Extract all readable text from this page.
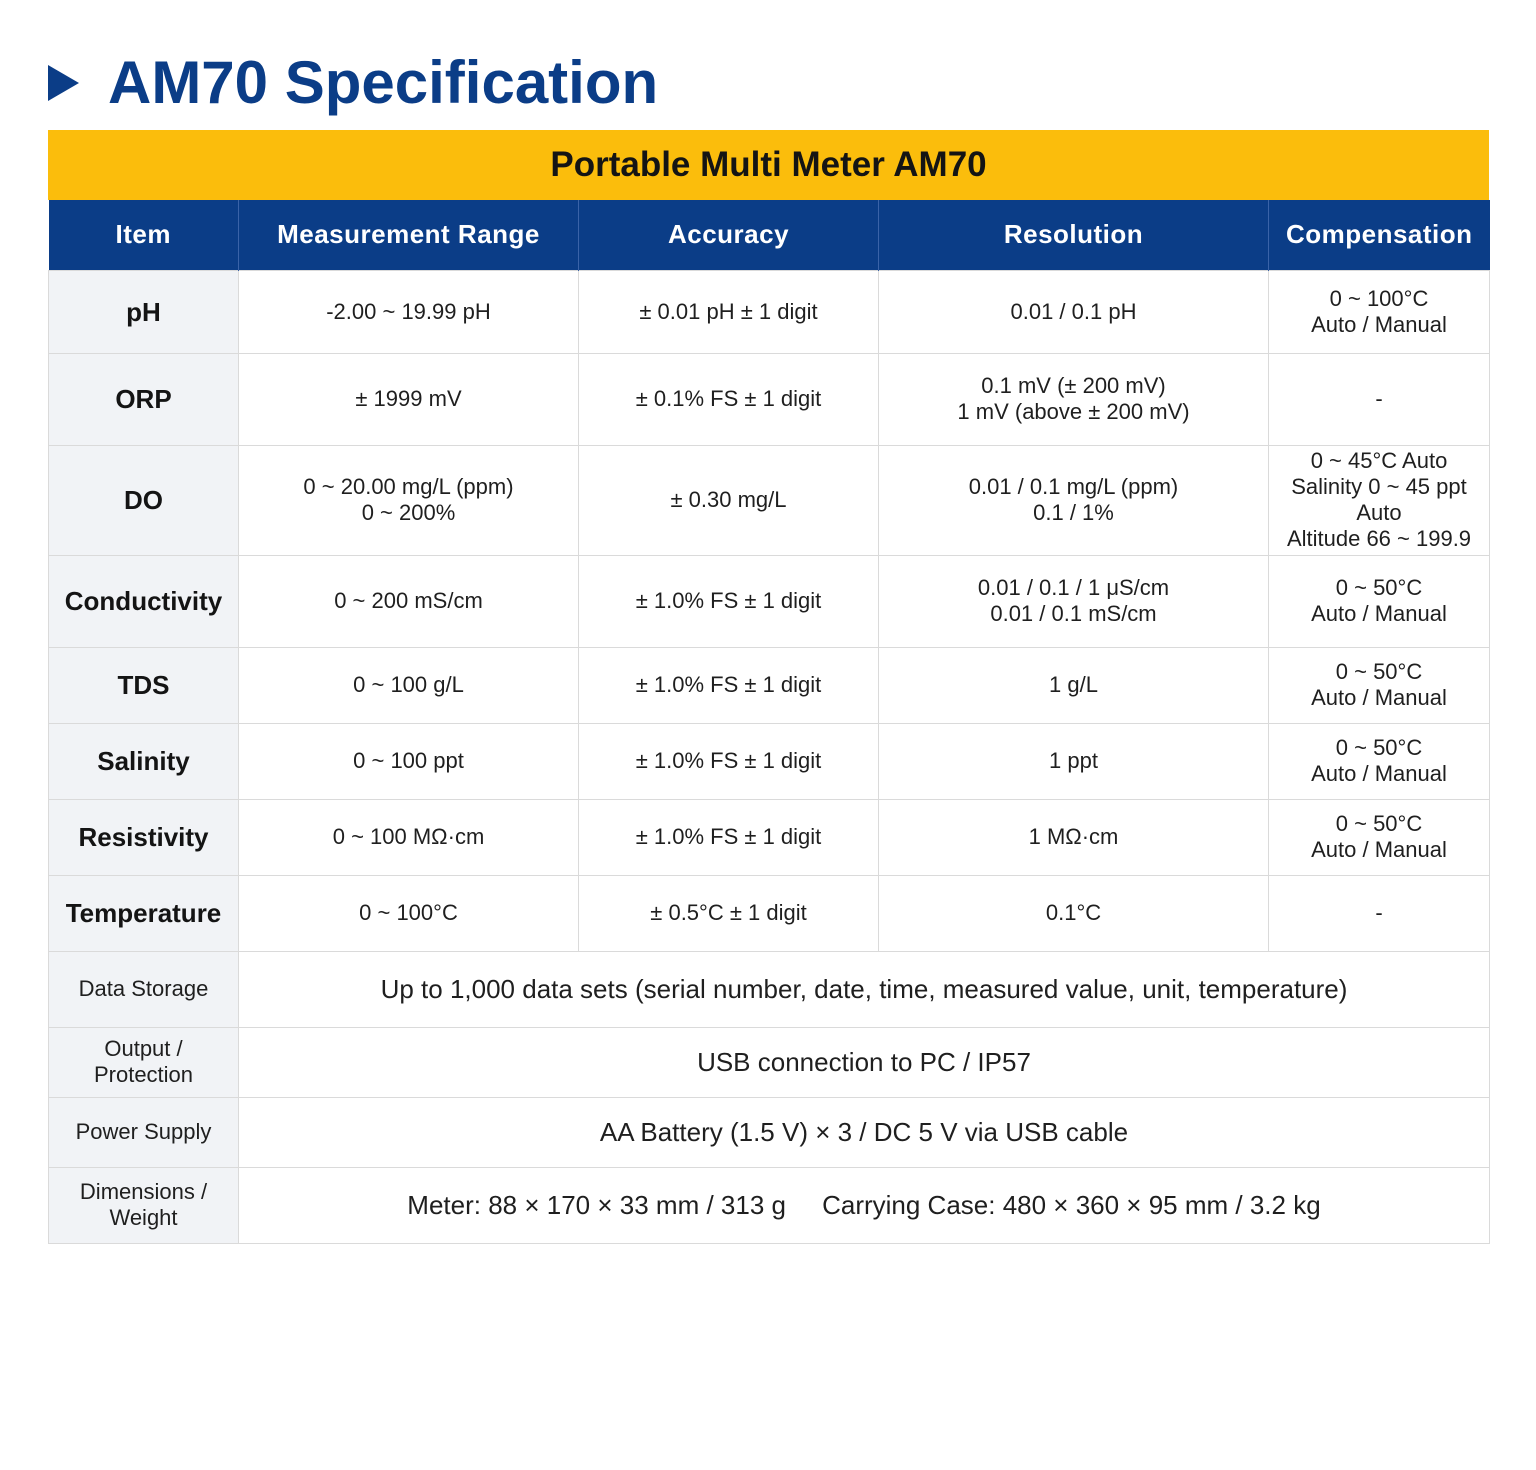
AM70 Specification
Portable Multi Meter AM70
Item	Measurement Range	Accuracy	Resolution	Compensation
pH	-2.00 ~ 19.99 pH	± 0.01 pH ± 1 digit	0.01 / 0.1 pH	0 ~ 100°C
Auto / Manual

ORP	± 1999 mV	± 0.1% FS ± 1 digit	0.1 mV (± 200 mV)
1 mV (above ± 200 mV)	-

DO	0 ~ 20.00 mg/L (ppm)
0 ~ 200%	± 0.30 mg/L	0.01 / 0.1 mg/L (ppm)
0.1 / 1%	0 ~ 45°C Auto
Salinity 0 ~ 45 ppt
Auto
Altitude 66 ~ 199.9

Conductivity	0 ~ 200 mS/cm	± 1.0% FS ± 1 digit	0.01 / 0.1 / 1 μS/cm
0.01 / 0.1 mS/cm	0 ~ 50°C
Auto / Manual

TDS	0 ~ 100 g/L	± 1.0% FS ± 1 digit	1 g/L	0 ~ 50°C
Auto / Manual

Salinity	0 ~ 100 ppt	± 1.0% FS ± 1 digit	1 ppt	0 ~ 50°C
Auto / Manual

Resistivity	0 ~ 100 MΩ·cm	± 1.0% FS ± 1 digit	1 MΩ·cm	0 ~ 50°C
Auto / Manual

Temperature	0 ~ 100°C	± 0.5°C ± 1 digit	0.1°C	-

Data Storage	Up to 1,000 data sets (serial number, date, time, measured value, unit, temperature)			

Output /
Protection	USB connection to PC / IP57			

Power Supply	AA Battery (1.5 V) × 3 / DC 5 V via USB cable			

Dimensions /
Weight	Meter: 88 × 170 × 33 mm / 313 g     Carrying Case: 480 × 360 × 95 mm / 3.2 kg			
